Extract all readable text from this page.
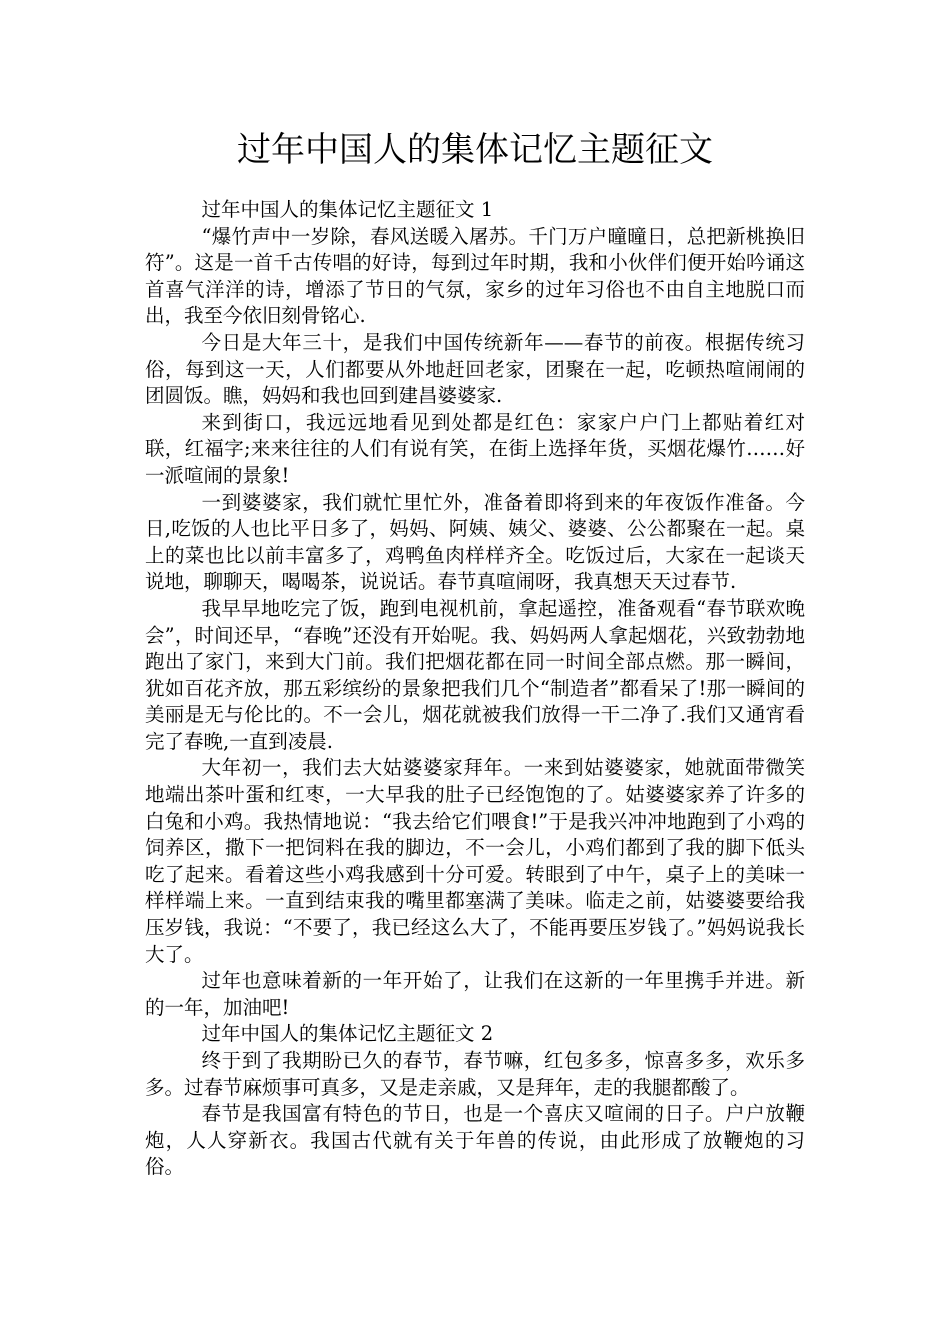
过年中国人的集体记忆主题征文

过年中国人的集体记忆主题征文 1

“爆竹声中一岁除，春风送暖入屠苏。千门万户曈曈日，总把新桃换旧符”。这是一首千古传唱的好诗，每到过年时期，我和小伙伴们便开始吟诵这首喜气洋洋的诗，增添了节日的气氛，家乡的过年习俗也不由自主地脱口而出，我至今依旧刻骨铭心.

今日是大年三十，是我们中国传统新年——春节的前夜。根据传统习俗，每到这一天，人们都要从外地赶回老家，团聚在一起，吃顿热喧闹闹的团圆饭。瞧，妈妈和我也回到建昌婆婆家.

来到街口，我远远地看见到处都是红色：家家户户门上都贴着红对联，红福字;来来往往的人们有说有笑，在街上选择年货，买烟花爆竹……好一派喧闹的景象!

一到婆婆家，我们就忙里忙外，准备着即将到来的年夜饭作准备。今日,吃饭的人也比平日多了，妈妈、阿姨、姨父、婆婆、公公都聚在一起。桌上的菜也比以前丰富多了，鸡鸭鱼肉样样齐全。吃饭过后，大家在一起谈天说地，聊聊天，喝喝茶，说说话。春节真喧闹呀，我真想天天过春节.

我早早地吃完了饭，跑到电视机前，拿起遥控，准备观看“春节联欢晚会”，时间还早，“春晚”还没有开始呢。我、妈妈两人拿起烟花，兴致勃勃地跑出了家门，来到大门前。我们把烟花都在同一时间全部点燃。那一瞬间，犹如百花齐放，那五彩缤纷的景象把我们几个“制造者”都看呆了!那一瞬间的美丽是无与伦比的。不一会儿，烟花就被我们放得一干二净了.我们又通宵看完了春晚,一直到凌晨.

大年初一，我们去大姑婆婆家拜年。一来到姑婆婆家，她就面带微笑地端出茶叶蛋和红枣，一大早我的肚子已经饱饱的了。姑婆婆家养了许多的白兔和小鸡。我热情地说：“我去给它们喂食!”于是我兴冲冲地跑到了小鸡的饲养区，撒下一把饲料在我的脚边，不一会儿，小鸡们都到了我的脚下低头吃了起来。看着这些小鸡我感到十分可爱。转眼到了中午，桌子上的美味一样样端上来。一直到结束我的嘴里都塞满了美味。临走之前，姑婆婆要给我压岁钱，我说：“不要了，我已经这么大了，不能再要压岁钱了。”妈妈说我长大了。

过年也意味着新的一年开始了，让我们在这新的一年里携手并进。新的一年，加油吧!

过年中国人的集体记忆主题征文 2

终于到了我期盼已久的春节，春节嘛，红包多多，惊喜多多，欢乐多多。过春节麻烦事可真多，又是走亲戚，又是拜年，走的我腿都酸了。

春节是我国富有特色的节日，也是一个喜庆又喧闹的日子。户户放鞭炮，人人穿新衣。我国古代就有关于年兽的传说，由此形成了放鞭炮的习俗。
